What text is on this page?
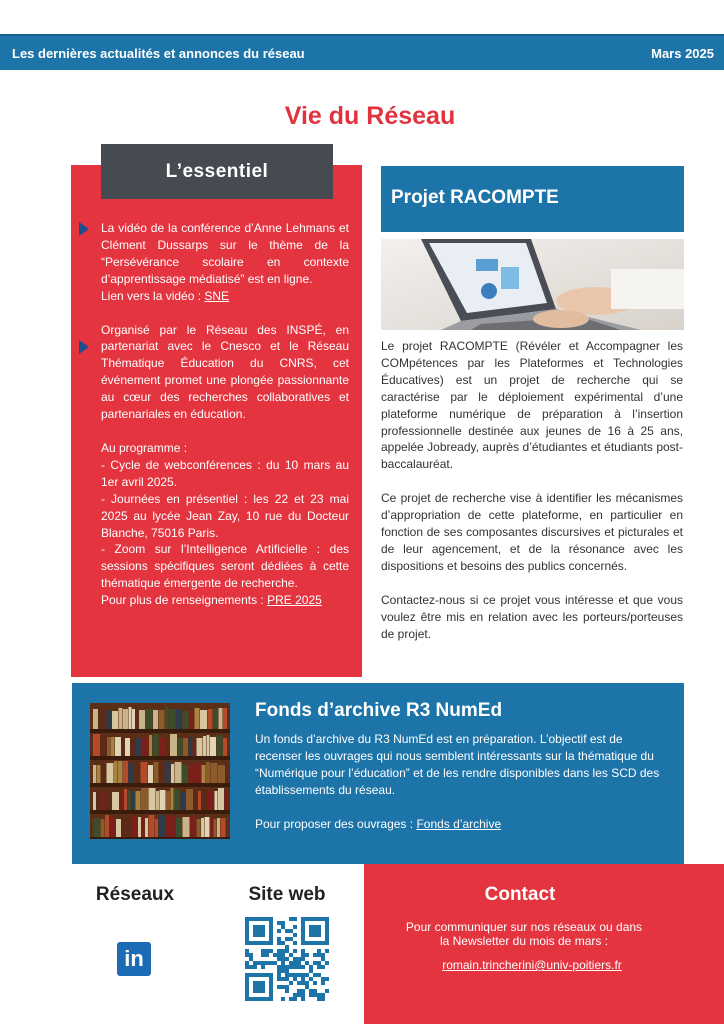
Les dernières actualités et annonces du réseau	Mars 2025
Vie du Réseau
L’essentiel

La vidéo de la conférence d’Anne Lehmans et Clément Dussarps sur le thème de la “Persévérance scolaire en contexte d’apprentissage médiatisé” est en ligne.

Lien vers la vidéo : SNE

Organisé par le Réseau des INSPÉ, en partenariat avec le Cnesco et le Réseau Thématique Éducation du CNRS, cet événement promet une plongée passionnante au cœur des recherches collaboratives et partenariales en éducation.

Au programme :

- Cycle de webconférences : du 10 mars au 1er avril 2025.

- Journées en présentiel : les 22 et 23 mai 2025 au lycée Jean Zay, 10 rue du Docteur Blanche, 75016 Paris.

- Zoom sur l’Intelligence Artificielle : des sessions spécifiques seront dédiées à cette thématique émergente de recherche.

Pour plus de renseignements : PRE 2025

Projet RACOMPTE

Le projet RACOMPTE (Révéler et Accompagner les COMpétences par les Plateformes et Technologies Éducatives) est un projet de recherche qui se caractérise par le déploiement expérimental d’une plateforme numérique de préparation à l’insertion professionnelle destinée aux jeunes de 16 à 25 ans, appelée Jobready, auprès d’étudiantes et étudiants post-baccalauréat.

Ce projet de recherche vise à identifier les mécanismes d’appropriation de cette plateforme, en particulier en fonction de ses composantes discursives et picturales et de leur agencement, et de la résonance avec les dispositions et besoins des publics concernés.

Contactez-nous si ce projet vous intéresse et que vous voulez être mis en relation avec les porteurs/porteuses de projet.

Fonds d’archive R3 NumEd

Un fonds d’archive du R3 NumEd est en préparation. L’objectif est de recenser les ouvrages qui nous semblent intéressants sur la thématique du “Numérique pour l’éducation” et de les rendre disponibles dans les SCD des établissements du réseau.

Pour proposer des ouvrages : Fonds d’archive

Réseaux
in
Site web	Contact
Pour communiquer sur nos réseaux ou dans la Newsletter du mois de mars :
romain.trincherini@univ-poitiers.fr
